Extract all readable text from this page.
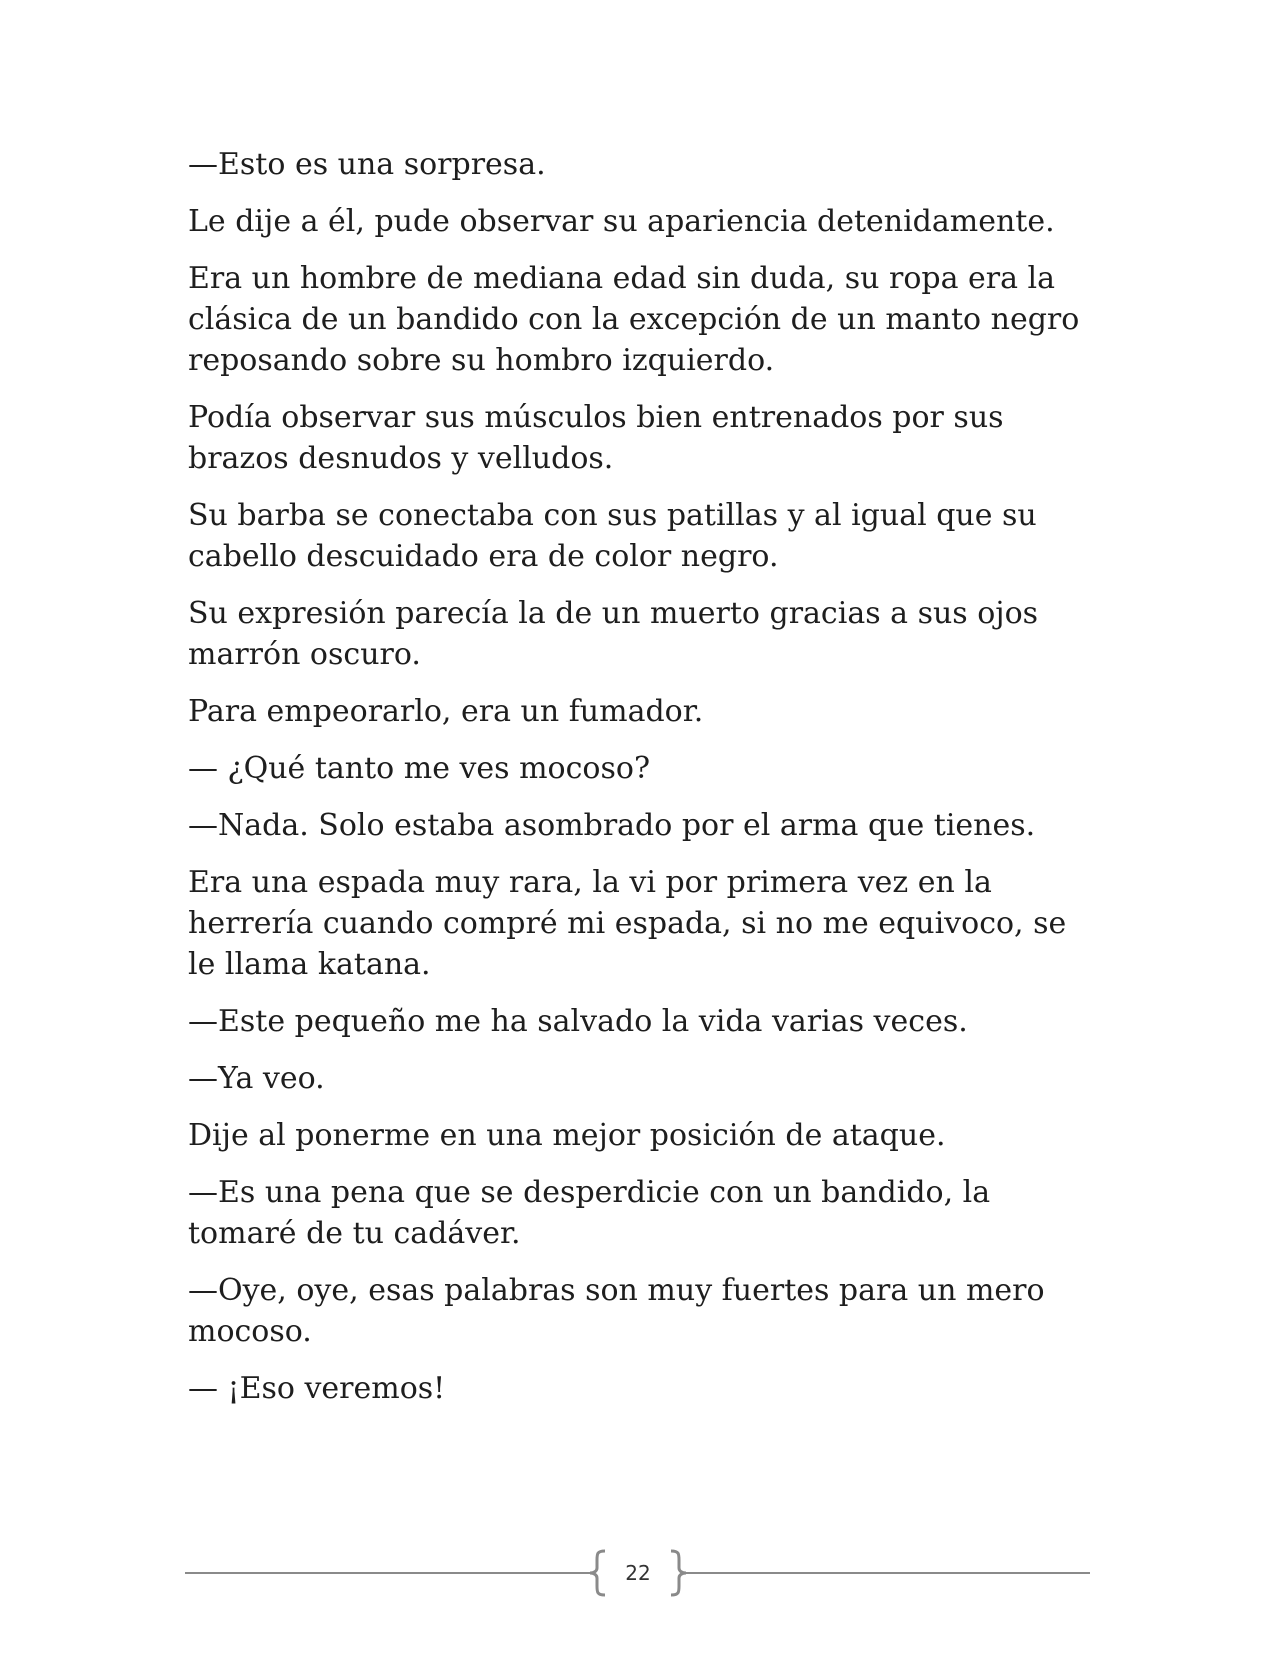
—Esto es una sorpresa.

Le dije a él, pude observar su apariencia detenidamente.

Era un hombre de mediana edad sin duda, su ropa era la clásica de un bandido con la excepción de un manto negro reposando sobre su hombro izquierdo.

Podía observar sus músculos bien entrenados por sus brazos desnudos y velludos.

Su barba se conectaba con sus patillas y al igual que su cabello descuidado era de color negro.

Su expresión parecía la de un muerto gracias a sus ojos marrón oscuro.

Para empeorarlo, era un fumador.

— ¿Qué tanto me ves mocoso?

—Nada. Solo estaba asombrado por el arma que tienes.

Era una espada muy rara, la vi por primera vez en la herrería cuando compré mi espada, si no me equivoco, se le llama katana.

—Este pequeño me ha salvado la vida varias veces.

—Ya veo.

Dije al ponerme en una mejor posición de ataque.

—Es una pena que se desperdicie con un bandido, la tomaré de tu cadáver.

—Oye, oye, esas palabras son muy fuertes para un mero mocoso.

— ¡Eso veremos!

22
